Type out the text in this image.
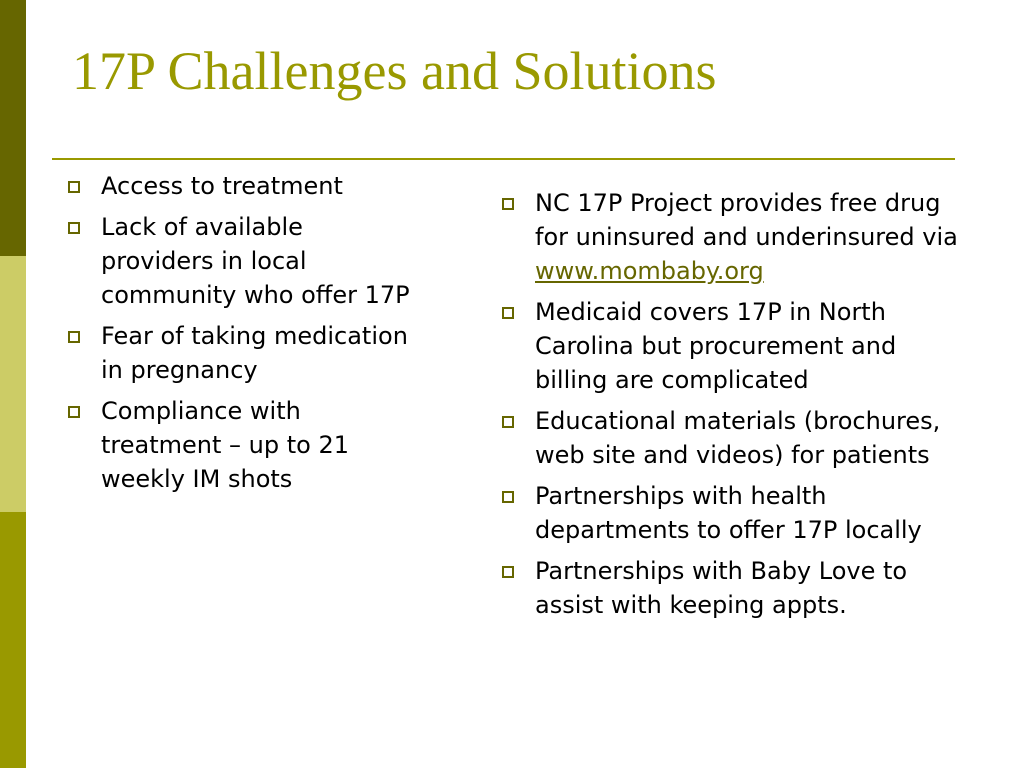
17P Challenges and Solutions
Access to treatment
Lack of available providers in local community who offer 17P
Fear of taking medication in pregnancy
Compliance with treatment – up to 21 weekly IM shots
NC 17P Project provides free drug for uninsured and underinsured via www.mombaby.org
Medicaid covers 17P in North Carolina but procurement and billing are complicated
Educational materials (brochures, web site and videos) for patients
Partnerships with health departments to offer 17P locally
Partnerships with Baby Love to assist with keeping appts.
